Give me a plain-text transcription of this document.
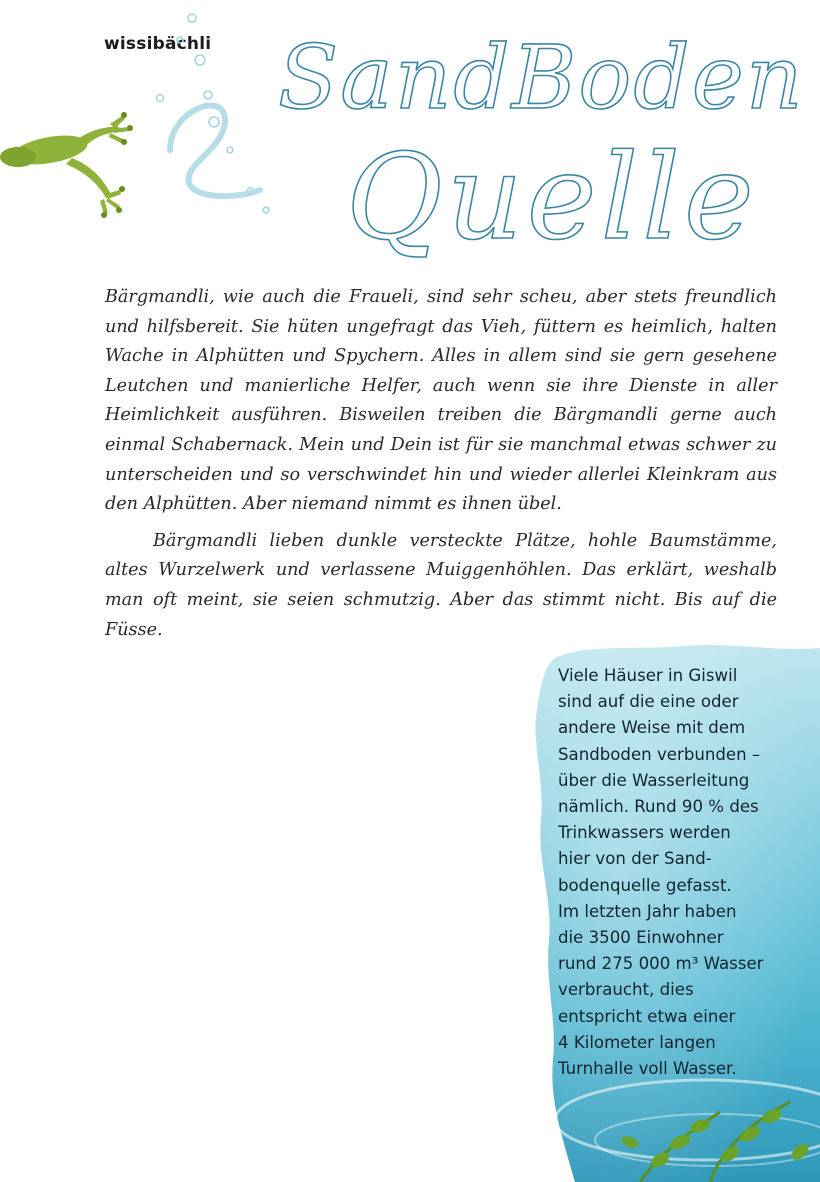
wissibächli SandBoden
Quelle

Bärgmandli, wie auch die Fraueli, sind sehr scheu, aber stets freundlich und hilfsbereit. Sie hüten ungefragt das Vieh, füttern es heimlich, halten Wache in Alphütten und Spychern. Alles in allem sind sie gern gesehene Leutchen und manierliche Helfer, auch wenn sie ihre Dienste in aller Heimlichkeit ausführen. Bisweilen treiben die Bärgmandli gerne auch einmal Schabernack. Mein und Dein ist für sie manchmal etwas schwer zu unterscheiden und so verschwindet hin und wieder allerlei Kleinkram aus den Alphütten. Aber niemand nimmt es ihnen übel.

Bärgmandli lieben dunkle versteckte Plätze, hohle Baumstämme, altes Wurzelwerk und verlassene Muiggenhöhlen. Das erklärt, weshalb man oft meint, sie seien schmutzig. Aber das stimmt nicht. Bis auf die Füsse.

Viele Häuser in Giswil
sind auf die eine oder
andere Weise mit dem
Sandboden verbunden –
über die Wasserleitung
nämlich. Rund 90 % des
Trinkwassers werden
hier von der Sand-
bodenquelle gefasst.
Im letzten Jahr haben
die 3500 Einwohner
rund 275 000 m³ Wasser
verbraucht, dies
entspricht etwa einer
4 Kilometer langen
Turnhalle voll Wasser.
